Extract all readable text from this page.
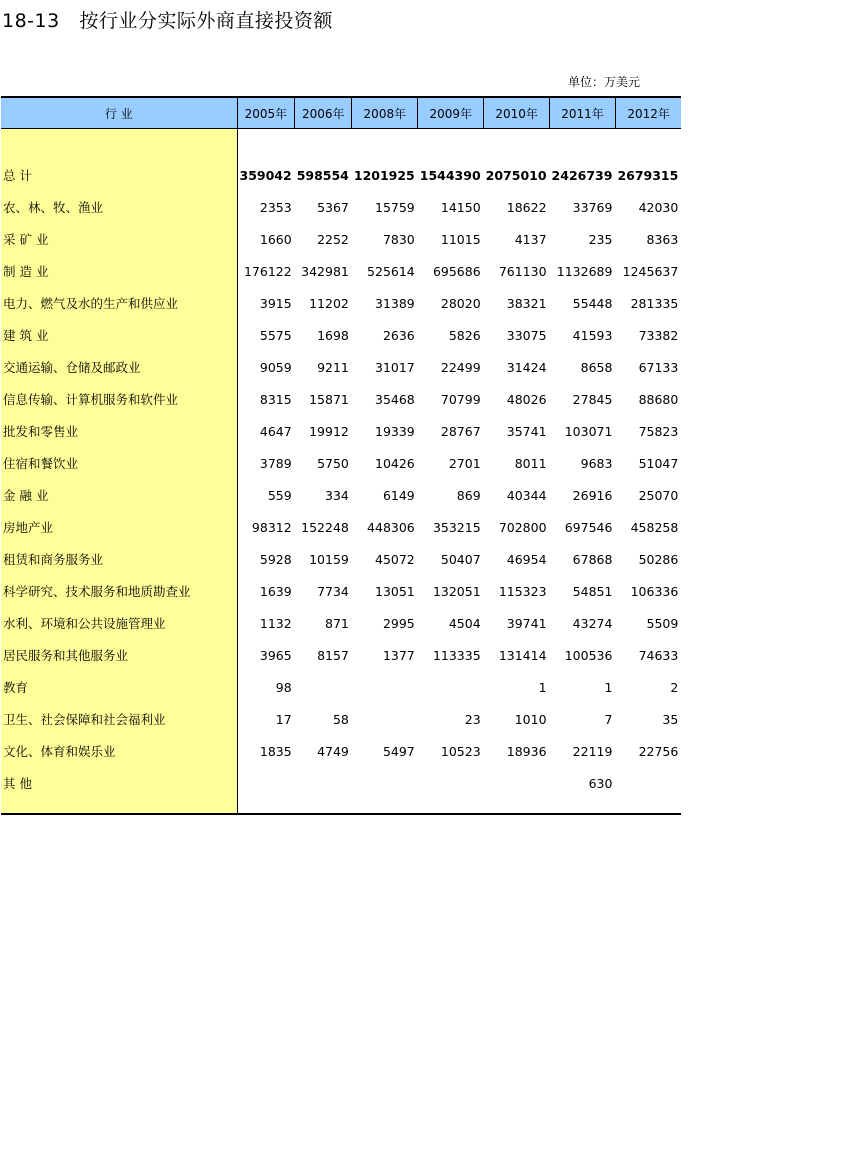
18-13   按行业分实际外商直接投资额
单位：万美元
行 业	2005年	2006年	2008年	2009年	2010年	2011年	2012年

总 计	359042	598554	1201925	1544390	2075010	2426739	2679315
农、林、牧、渔业	2353	5367	15759	14150	18622	33769	42030
采 矿 业	1660	2252	7830	11015	4137	235	8363
制 造 业	176122	342981	525614	695686	761130	1132689	1245637
电力、燃气及水的生产和供应业	3915	11202	31389	28020	38321	55448	281335
建 筑 业	5575	1698	2636	5826	33075	41593	73382
交通运输、仓储及邮政业	9059	9211	31017	22499	31424	8658	67133
信息传输、计算机服务和软件业	8315	15871	35468	70799	48026	27845	88680
批发和零售业	4647	19912	19339	28767	35741	103071	75823
住宿和餐饮业	3789	5750	10426	2701	8011	9683	51047
金 融 业	559	334	6149	869	40344	26916	25070
房地产业	98312	152248	448306	353215	702800	697546	458258
租赁和商务服务业	5928	10159	45072	50407	46954	67868	50286
科学研究、技术服务和地质勘查业	1639	7734	13051	132051	115323	54851	106336
水利、环境和公共设施管理业	1132	871	2995	4504	39741	43274	5509
居民服务和其他服务业	3965	8157	1377	113335	131414	100536	74633
教育	98				1	1	2
卫生、社会保障和社会福利业	17	58		23	1010	7	35
文化、体育和娱乐业	1835	4749	5497	10523	18936	22119	22756
其 他						630	
